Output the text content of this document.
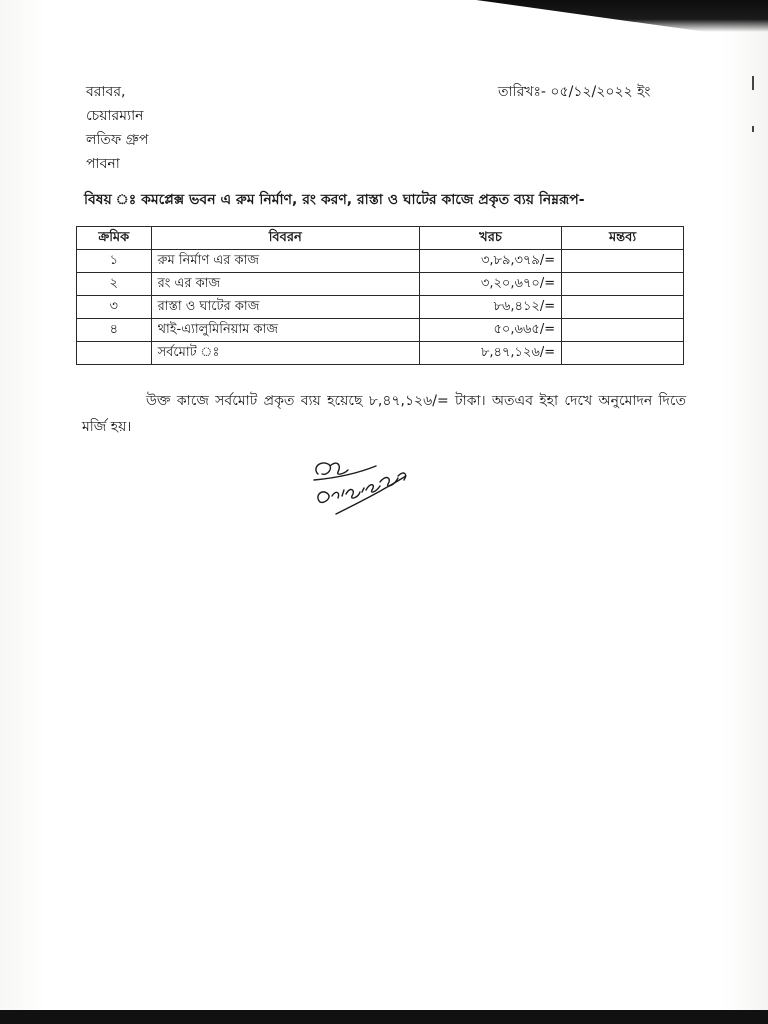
বরাবর,
চেয়ারম্যান
লতিফ গ্রুপ
পাবনা
তারিখঃ- ০৫/১২/২০২২ ইং
বিষয় ঃ কমপ্লেক্স ভবন এ রুম নির্মাণ, রং করণ, রাস্তা ও ঘাটের কাজে প্রকৃত ব্যয় নিম্নরূপ-
ক্রমিক	বিবরন	খরচ	মন্তব্য
১	রুম নির্মাণ এর কাজ	৩,৮৯,৩৭৯/=	
২	রং এর কাজ	৩,২০,৬৭০/=	
৩	রাস্তা ও ঘাটের কাজ	৮৬,৪১২/=	
৪	থাই-এ্যালুমিনিয়াম কাজ	৫০,৬৬৫/=	
	সর্বমোট ঃ	৮,৪৭,১২৬/=	
উক্ত কাজে সর্বমোট প্রকৃত ব্যয় হয়েছে ৮,৪৭,১২৬/= টাকা। অতএব ইহা দেখে অনুমোদন দিতে মর্জি হয়।
